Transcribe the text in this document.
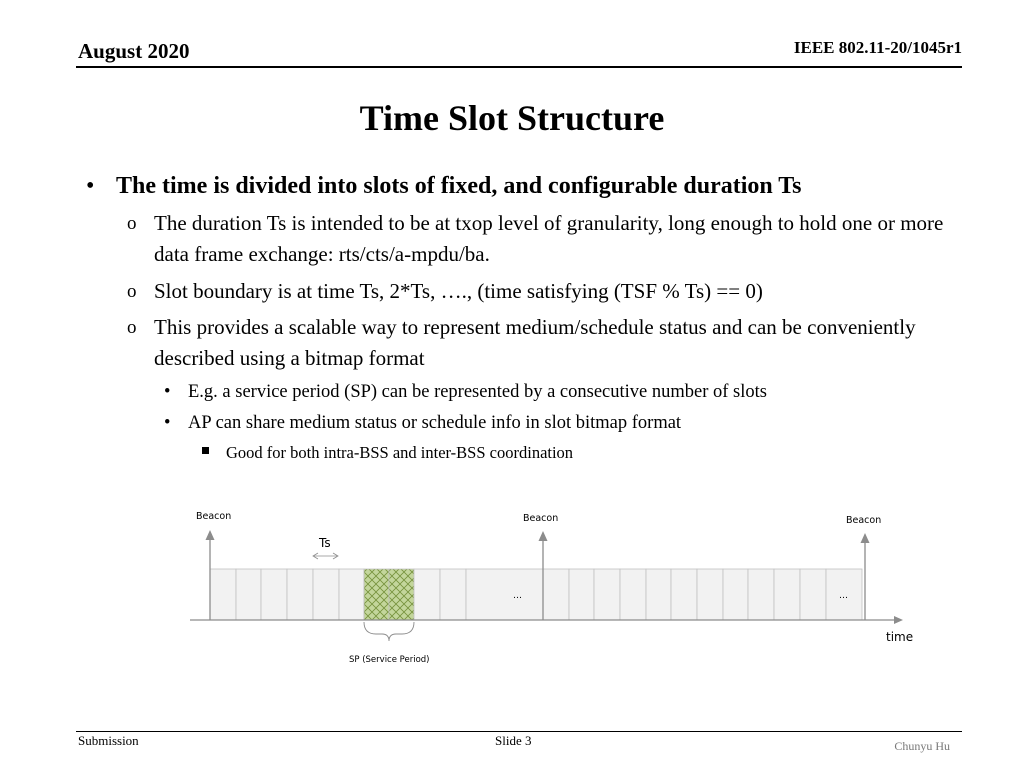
August 2020	IEEE 802.11-20/1045r1
Time Slot Structure
• The time is divided into slots of fixed, and configurable duration Ts
o The duration Ts is intended to be at txop level of granularity, long enough to hold one or more data frame exchange: rts/cts/a-mpdu/ba.
o Slot boundary is at time Ts, 2*Ts, …., (time satisfying (TSF % Ts) == 0)
o This provides a scalable way to represent medium/schedule status and can be conveniently described using a bitmap format
• E.g. a service period (SP) can be represented by a consecutive number of slots
• AP can share medium status or schedule info in slot bitmap format
Good for both intra-BSS and inter-BSS coordination
time
Beacon	Beacon	Beacon
Ts
…	…
SP (Service Period)
Submission	Slide 3	Chunyu Hu
